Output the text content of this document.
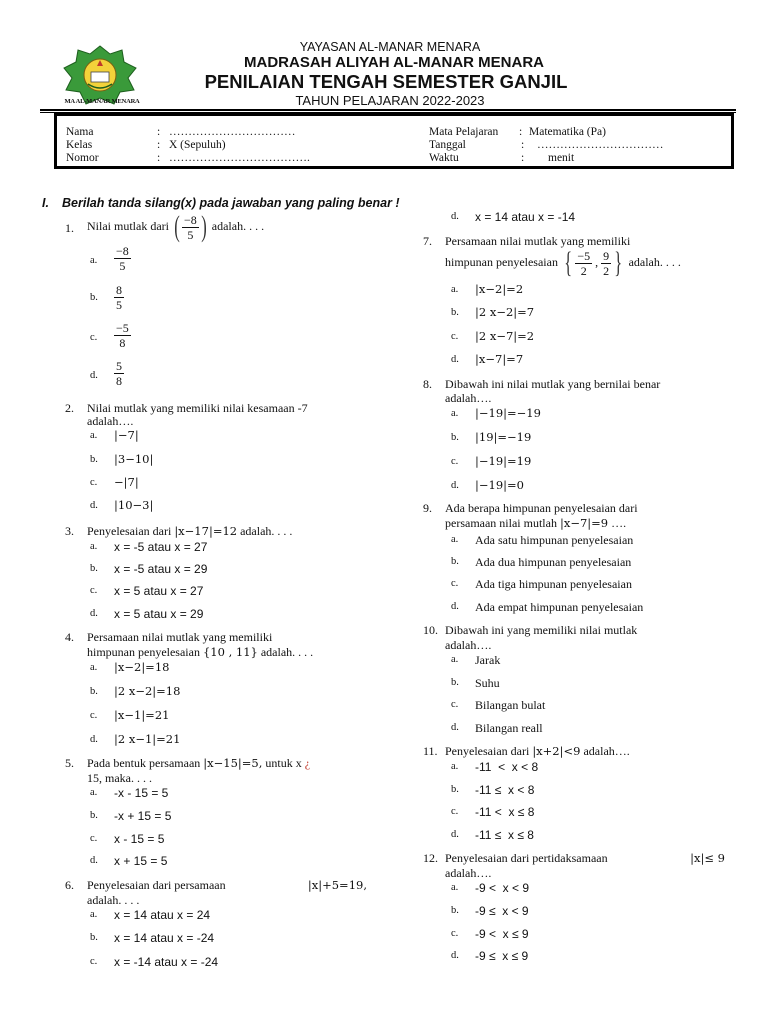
MA AL-MANAR MENARA
YAYASAN AL-MANAR MENARA
MADRASAH ALIYAH AL-MANAR MENARA
PENILAIAN TENGAH SEMESTER GANJIL
TAHUN PELAJARAN 2022-2023
Nama	: ……………………………	Mata Pelajaran : Matematika (Pa)
Kelas	: X (Sepuluh)	Tanggal	: ……………………………
Nomor	: ……………………………….	Waktu	: menit
I. Berilah tanda silang(x) pada jawaban yang paling benar !
1. Nilai mutlak dari ( $\frac{-8}{5}$ ) adalah. . . .
a. $\frac{-8}{5}$
b. $\frac{8}{5}$
c. $\frac{-5}{8}$
d. $\frac{5}{8}$
2. Nilai mutlak yang memiliki nilai kesamaan -7
adalah….
a. |−7|
b. |3−10|
c. −|7|
d. |10−3|
3. Penyelesaian dari |x−17|=12 adalah. . . .
a. x = -5 atau x = 27
b. x = -5 atau x = 29
c. x = 5 atau x = 27
d. x = 5 atau x = 29
4. Persamaan nilai mutlak yang memiliki
himpunan penyelesaian {10 , 11} adalah. . . .
a. |x−2|=18
b. |2 x−2|=18
c. |x−1|=21
d. |2 x−1|=21
5. Pada bentuk persamaan |x−15|=5, untuk x ¿
15, maka. . . .
a. -x - 15 = 5
b. -x + 15 = 5
c. x - 15 = 5
d. x + 15 = 5
6. Penyelesaian dari persamaan	|x|+5=19,
adalah. . . .
a. x = 14 atau x = 24
b. x = 14 atau x = -24
c. x = -14 atau x = -24
d. x = 14 atau x = -14
7. Persamaan nilai mutlak yang memiliki
himpunan penyelesaian { $\frac{-5}{2}$ , $\frac{9}{2}$ } adalah. . . .
a. |x−2|=2
b. |2 x−2|=7
c. |2 x−7|=2
d. |x−7|=7
8. Dibawah ini nilai mutlak yang bernilai benar
adalah….
a. |−19|=−19
b. |19|=−19
c. |−19|=19
d. |−19|=0
9. Ada berapa himpunan penyelesaian dari
persamaan nilai mutlah |x−7|=9 ….
a. Ada satu himpunan penyelesaian
b. Ada dua himpunan penyelesaian
c. Ada tiga himpunan penyelesaian
d. Ada empat himpunan penyelesaian
10. Dibawah ini yang memiliki nilai mutlak
adalah….
a. Jarak
b. Suhu
c. Bilangan bulat
d. Bilangan reall
11. Penyelesaian dari |x+2|<9 adalah….
a. -11  <  x < 8
b. -11 ≤  x < 8
c. -11 <  x ≤ 8
d. -11 ≤  x ≤ 8
12. Penyelesaian dari pertidaksamaan	|x|≤ 9
adalah….
a. -9 <  x < 9
b. -9 ≤  x < 9
c. -9 <  x ≤ 9
d. -9 ≤  x ≤ 9
